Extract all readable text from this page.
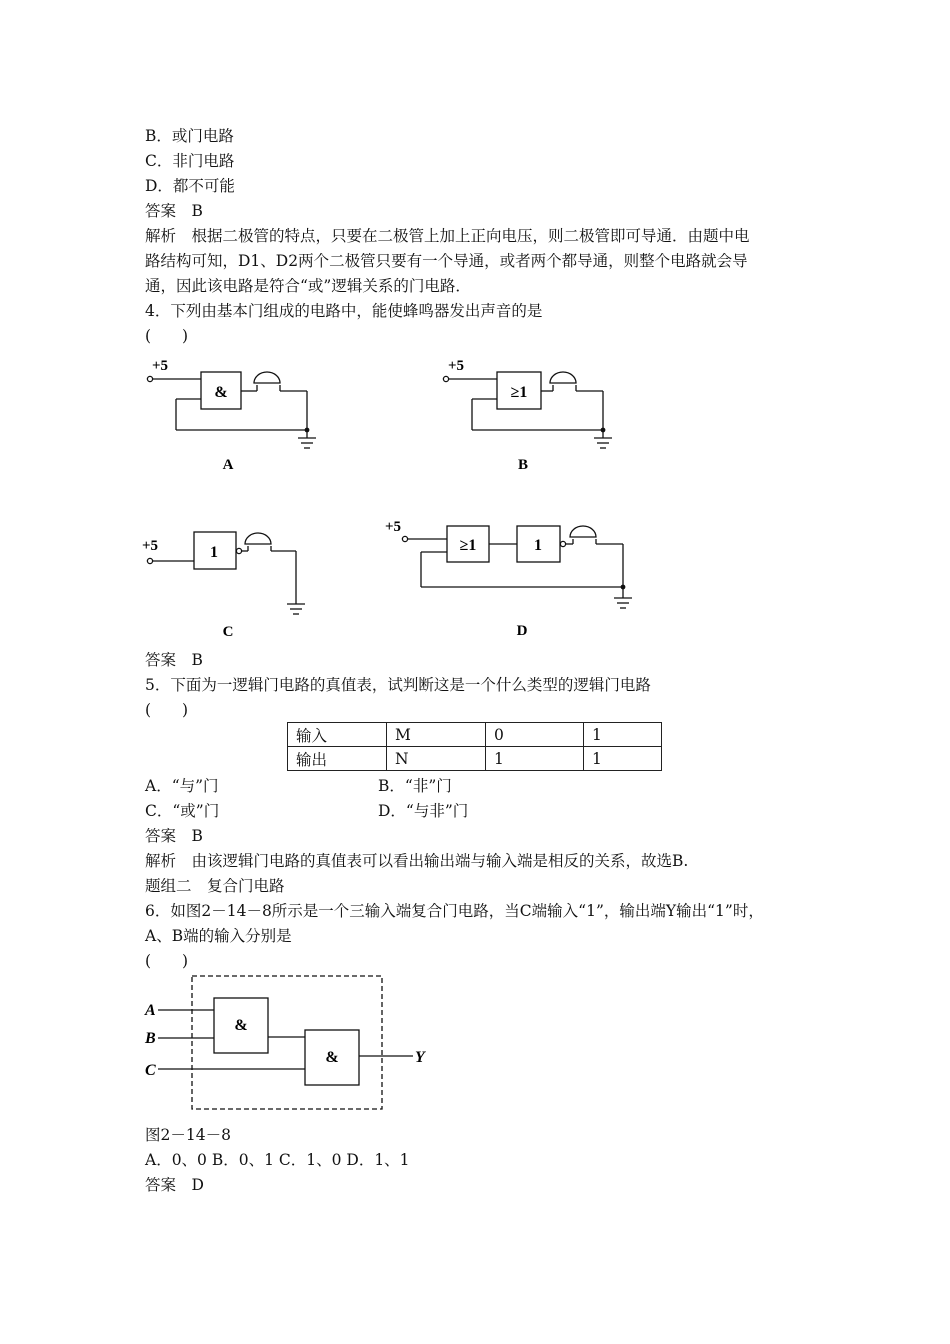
B．或门电路
C．非门电路
D．都不可能
答案　B
解析　根据二极管的特点，只要在二极管上加上正向电压，则二极管即可导通．由题中电
路结构可知，D1、D2两个二极管只要有一个导通，或者两个都导通，则整个电路就会导
通，因此该电路是符合“或”逻辑关系的门电路．
4．下列由基本门组成的电路中，能使蜂鸣器发出声音的是
(　　)
+5
&
A
+5
≥1
B
+5	1
C
+5
≥1	1
D
答案　B
5．下面为一逻辑门电路的真值表，试判断这是一个什么类型的逻辑门电路
(　　)
输入	M	0	1
输出	N	1	1
A．“与”门	B．“非”门
C．“或”门	D．“与非”门
答案　B
解析　由该逻辑门电路的真值表可以看出输出端与输入端是相反的关系，故选B.
题组二　复合门电路
6．如图2－14－8所示是一个三输入端复合门电路，当C端输入“1”，输出端Y输出“1”时，
A、B端的输入分别是
(　　)
A
B
C
Y
&
&
图2－14－8
A．0、0 B．0、1 C．1、0 D．1、1
答案　D
